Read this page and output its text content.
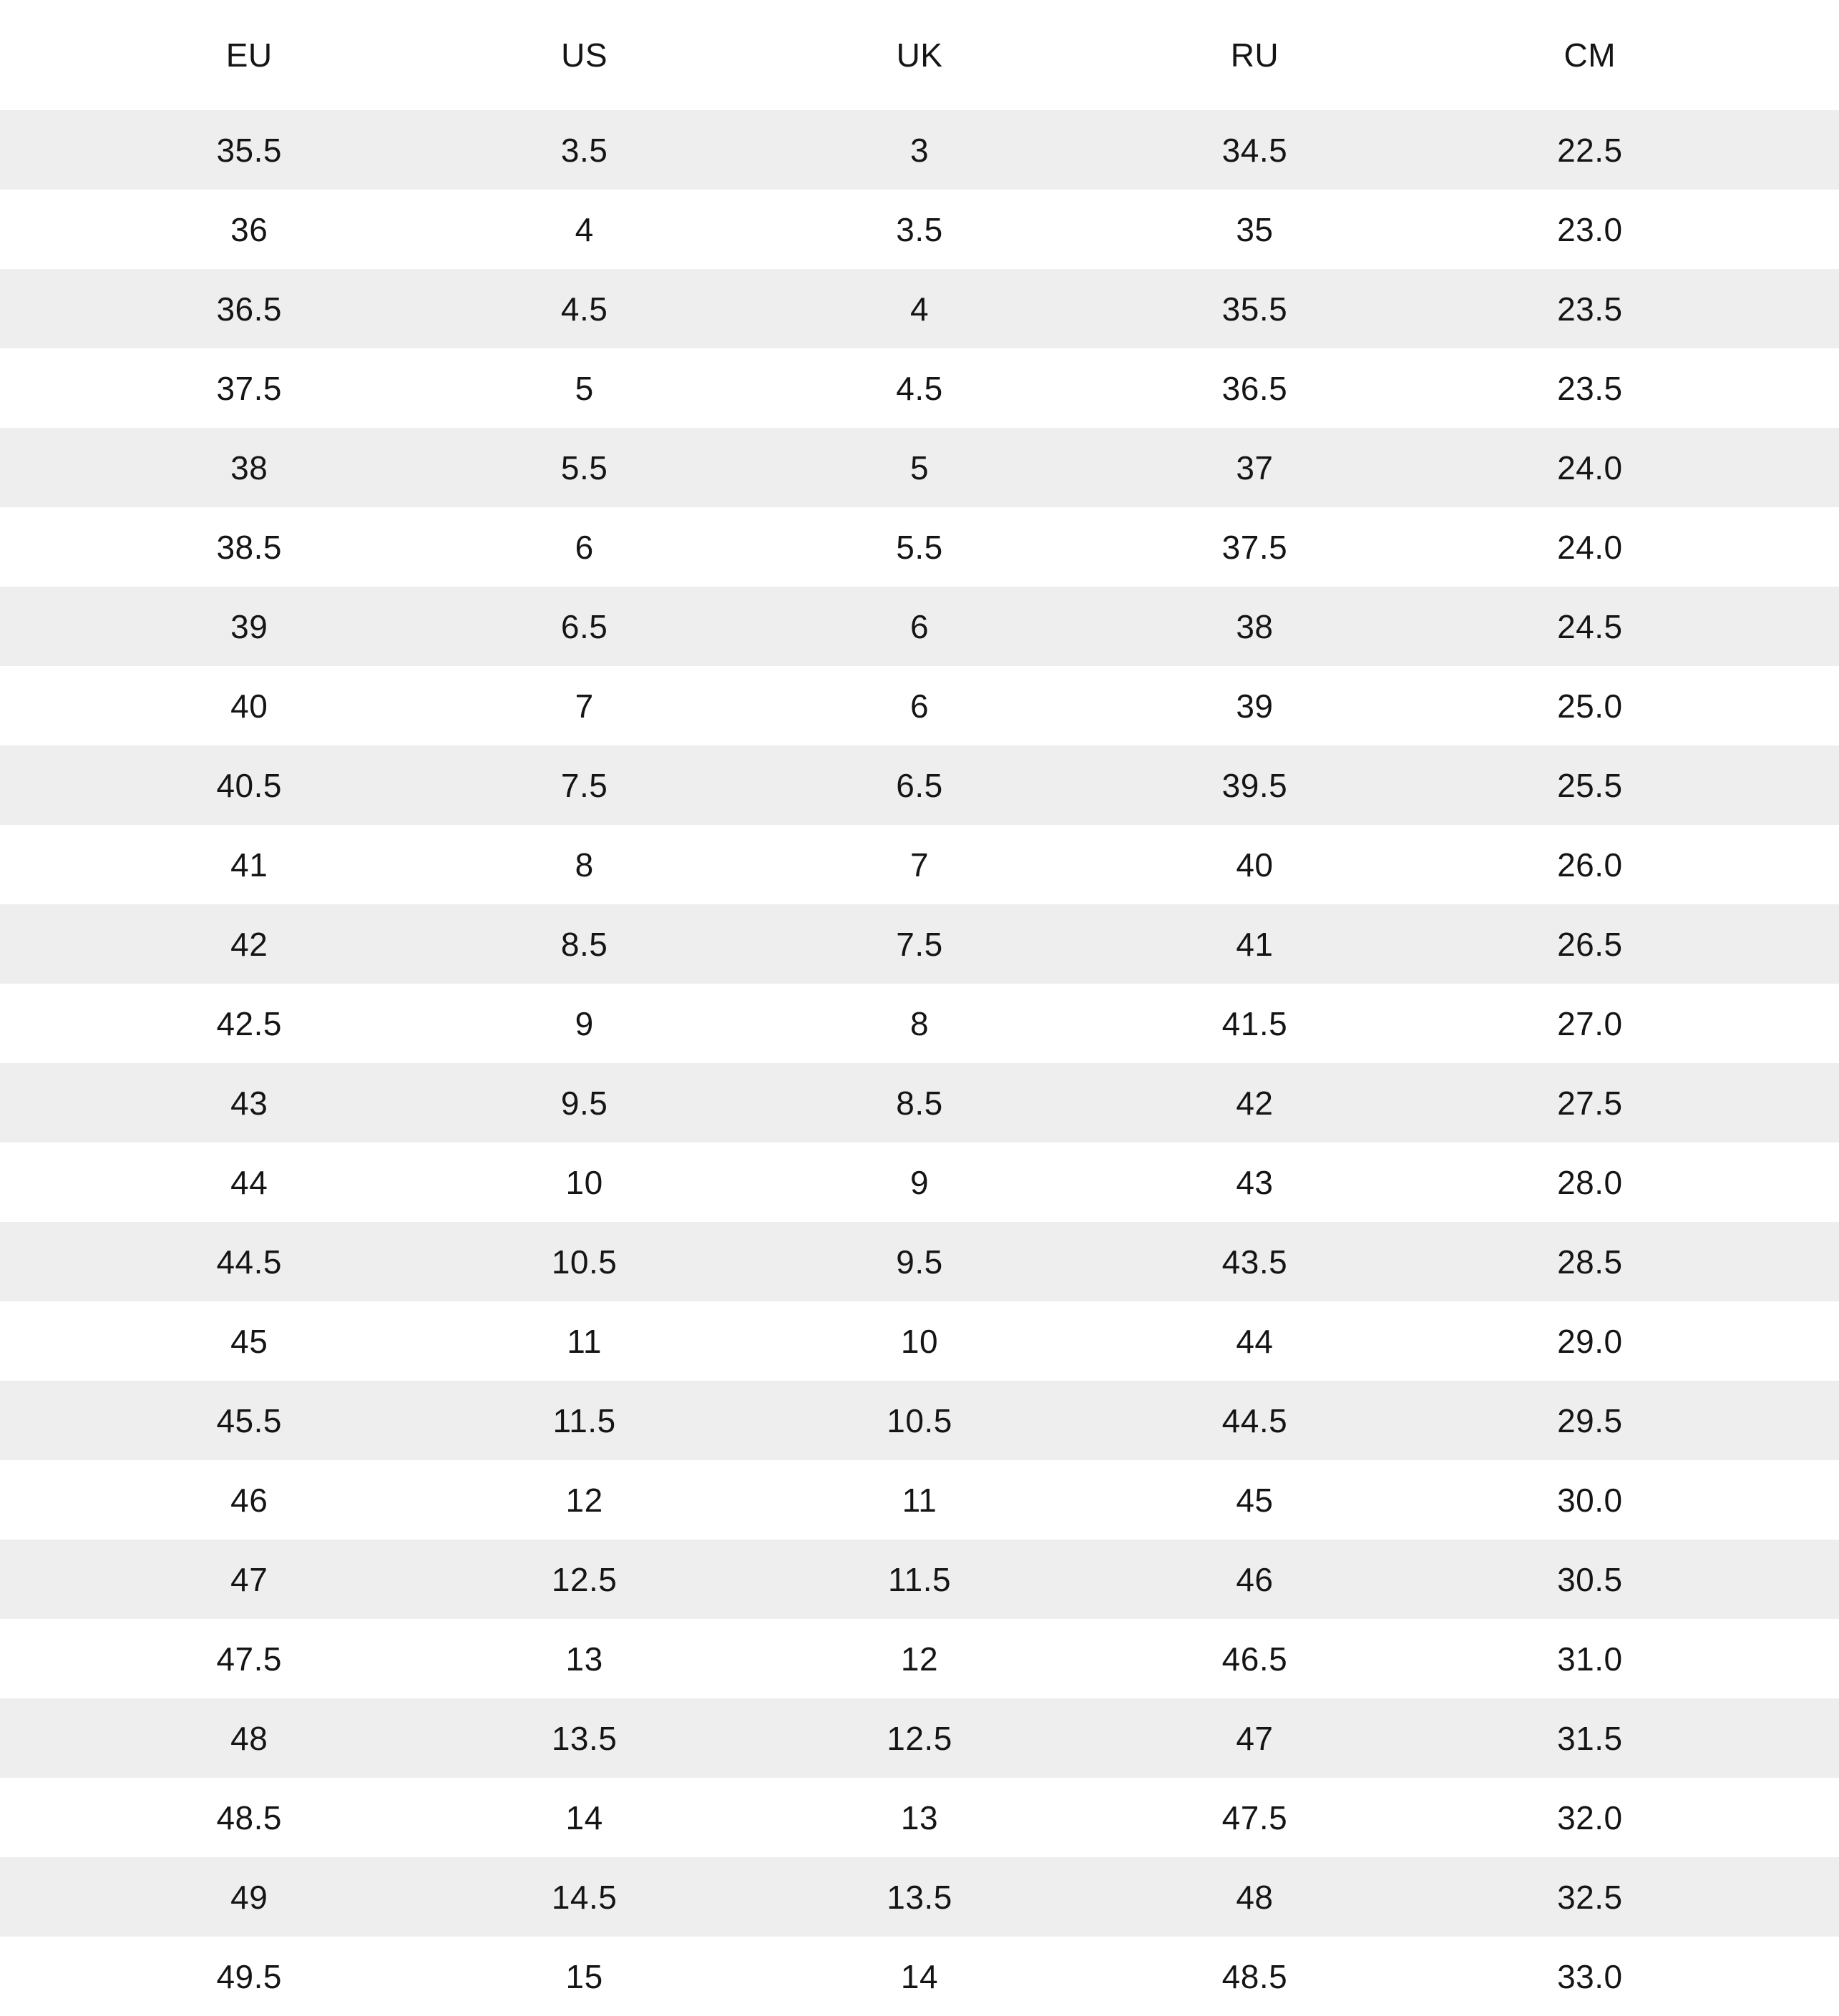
EU	US	UK	RU	CM
35.5	3.5	3	34.5	22.5
36	4	3.5	35	23.0
36.5	4.5	4	35.5	23.5
37.5	5	4.5	36.5	23.5
38	5.5	5	37	24.0
38.5	6	5.5	37.5	24.0
39	6.5	6	38	24.5
40	7	6	39	25.0
40.5	7.5	6.5	39.5	25.5
41	8	7	40	26.0
42	8.5	7.5	41	26.5
42.5	9	8	41.5	27.0
43	9.5	8.5	42	27.5
44	10	9	43	28.0
44.5	10.5	9.5	43.5	28.5
45	11	10	44	29.0
45.5	11.5	10.5	44.5	29.5
46	12	11	45	30.0
47	12.5	11.5	46	30.5
47.5	13	12	46.5	31.0
48	13.5	12.5	47	31.5
48.5	14	13	47.5	32.0
49	14.5	13.5	48	32.5
49.5	15	14	48.5	33.0
